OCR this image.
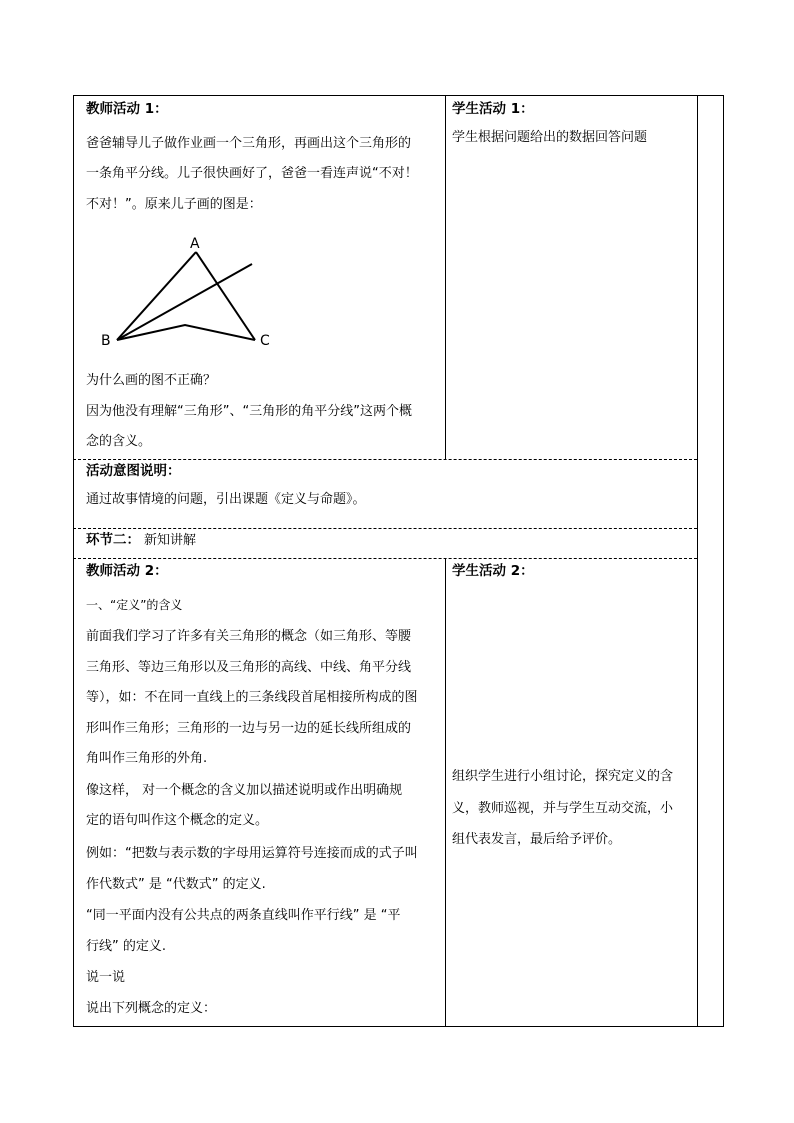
教师活动 1：
爸爸辅导儿子做作业画一个三角形，再画出这个三角形的
一条角平分线。儿子很快画好了，爸爸一看连声说“不对！
不对！”。原来儿子画的图是：
A
B	C
为什么画的图不正确？
因为他没有理解“三角形”、“三角形的角平分线”这两个概
念的含义。
学生活动 1：
学生根据问题给出的数据回答问题
活动意图说明：
通过故事情境的问题，引出课题《定义与命题》。
环节二： 新知讲解
教师活动 2：
一、“定义”的含义
前面我们学习了许多有关三角形的概念（如三角形、等腰
三角形、等边三角形以及三角形的高线、中线、角平分线
等），如：不在同一直线上的三条线段首尾相接所构成的图
形叫作三角形；三角形的一边与另一边的延长线所组成的
角叫作三角形的外角.
像这样， 对一个概念的含义加以描述说明或作出明确规
定的语句叫作这个概念的定义。
例如：“把数与表示数的字母用运算符号连接而成的式子叫
作代数式” 是 “代数式” 的定义.
“同一平面内没有公共点的两条直线叫作平行线” 是 “平
行线” 的定义.
说一说
说出下列概念的定义：
学生活动 2：
组织学生进行小组讨论，探究定义的含
义，教师巡视，并与学生互动交流，小
组代表发言，最后给予评价。
